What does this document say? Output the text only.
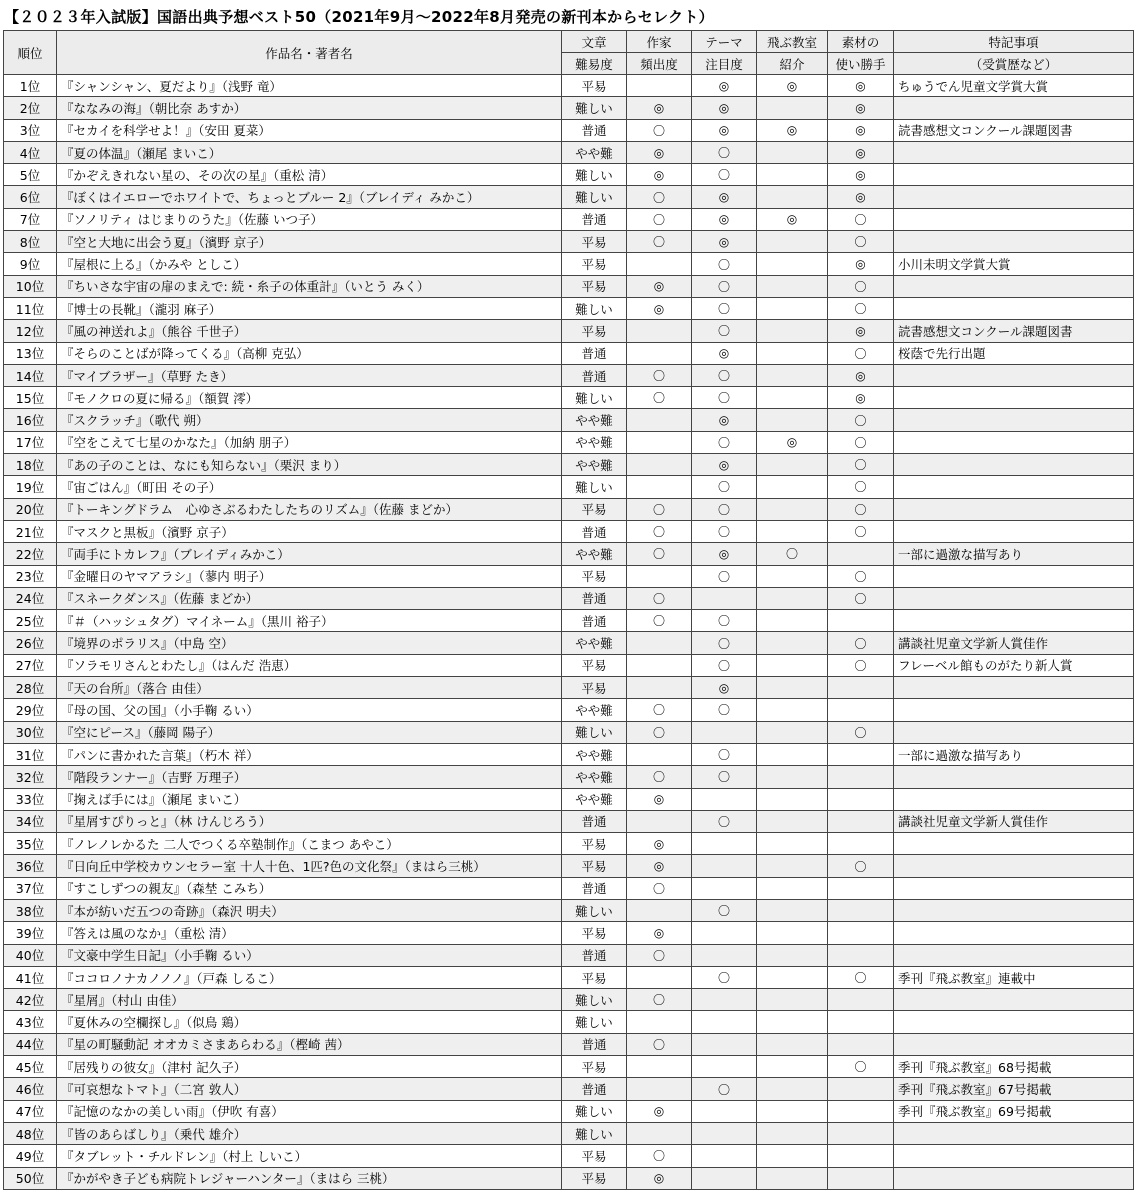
【２０２３年入試版】国語出典予想ベスト50（2021年9月～2022年8月発売の新刊本からセレクト）
順位	作品名・著者名	文章	作家	テーマ	飛ぶ教室	素材の	特記事項
		難易度	頻出度	注目度	紹介	使い勝手	（受賞歴など）
1位	『シャンシャン、夏だより』（浅野 竜）	平易		◎	◎	◎	ちゅうでん児童文学賞大賞
2位	『ななみの海』（朝比奈 あすか）	難しい	◎	◎		◎	
3位	『セカイを科学せよ！』（安田 夏菜）	普通	〇	◎	◎	◎	読書感想文コンクール課題図書
4位	『夏の体温』（瀬尾 まいこ）	やや難	◎	〇		◎	
5位	『かぞえきれない星の、その次の星』（重松 清）	難しい	◎	〇		◎	
6位	『ぼくはイエローでホワイトで、ちょっとブルー 2』（ブレイディ みかこ）	難しい	〇	◎		◎	
7位	『ソノリティ はじまりのうた』（佐藤 いつ子）	普通	〇	◎	◎	〇	
8位	『空と大地に出会う夏』（濱野 京子）	平易	〇	◎		〇	
9位	『屋根に上る』（かみや としこ）	平易		〇		◎	小川未明文学賞大賞
10位	『ちいさな宇宙の扉のまえで: 続・糸子の体重計』（いとう みく）	平易	◎	〇		〇	
11位	『博士の長靴』（瀧羽 麻子）	難しい	◎	〇		〇	
12位	『風の神送れよ』（熊谷 千世子）	平易		〇		◎	読書感想文コンクール課題図書
13位	『そらのことばが降ってくる』（高柳 克弘）	普通		◎		〇	桜蔭で先行出題
14位	『マイブラザー』（草野 たき）	普通	〇	〇		◎	
15位	『モノクロの夏に帰る』（額賀 澪）	難しい	〇	〇		◎	
16位	『スクラッチ』（歌代 朔）	やや難		◎		〇	
17位	『空をこえて七星のかなた』（加納 朋子）	やや難		〇	◎	〇	
18位	『あの子のことは、なにも知らない』（栗沢 まり）	やや難		◎		〇	
19位	『宙ごはん』（町田 その子）	難しい		〇		〇	
20位	『トーキングドラム　心ゆさぶるわたしたちのリズム』（佐藤 まどか）	平易	〇	〇		〇	
21位	『マスクと黒板』（濱野 京子）	普通	〇	〇		〇	
22位	『両手にトカレフ』（ブレイディみかこ）	やや難	〇	◎	〇		一部に過激な描写あり
23位	『金曜日のヤマアラシ』（蓼内 明子）	平易		〇		〇	
24位	『スネークダンス』（佐藤 まどか）	普通	〇			〇	
25位	『＃（ハッシュタグ）マイネーム』（黒川 裕子）	普通	〇	〇			
26位	『境界のポラリス』（中島 空）	やや難		〇		〇	講談社児童文学新人賞佳作
27位	『ソラモリさんとわたし』（はんだ 浩恵）	平易		〇		〇	フレーベル館ものがたり新人賞
28位	『天の台所』（落合 由佳）	平易		◎			
29位	『母の国、父の国』（小手鞠 るい）	やや難	〇	〇			
30位	『空にピース』（藤岡 陽子）	難しい	〇			〇	
31位	『パンに書かれた言葉』（朽木 祥）	やや難		〇			一部に過激な描写あり
32位	『階段ランナー』（吉野 万理子）	やや難	〇	〇			
33位	『掬えば手には』（瀬尾 まいこ）	やや難	◎				
34位	『星屑すぴりっと』（林 けんじろう）	普通		〇			講談社児童文学新人賞佳作
35位	『ノレノレかるた 二人でつくる卒塾制作』（こまつ あやこ）	平易	◎				
36位	『日向丘中学校カウンセラー室 十人十色、1匹?色の文化祭』（まはら三桃）	平易	◎			〇	
37位	『すこしずつの親友』（森埜 こみち）	普通	〇				
38位	『本が紡いだ五つの奇跡』（森沢 明夫）	難しい		〇			
39位	『答えは風のなか』（重松 清）	平易	◎				
40位	『文豪中学生日記』（小手鞠 るい）	普通	〇				
41位	『ココロノナカノノノ』（戸森 しるこ）	平易		〇		〇	季刊『飛ぶ教室』連載中
42位	『星屑』（村山 由佳）	難しい	〇				
43位	『夏休みの空欄探し』（似鳥 鶏）	難しい					
44位	『星の町騒動記 オオカミさまあらわる』（樫崎 茜）	普通	〇				
45位	『居残りの彼女』（津村 記久子）	平易				〇	季刊『飛ぶ教室』68号掲載
46位	『可哀想なトマト』（二宮 敦人）	普通		〇			季刊『飛ぶ教室』67号掲載
47位	『記憶のなかの美しい雨』（伊吹 有喜）	難しい	◎				季刊『飛ぶ教室』69号掲載
48位	『皆のあらばしり』（乗代 雄介）	難しい					
49位	『タブレット・チルドレン』（村上 しいこ）	平易	〇				
50位	『かがやき子ども病院トレジャーハンター』（まはら 三桃）	平易	◎				
